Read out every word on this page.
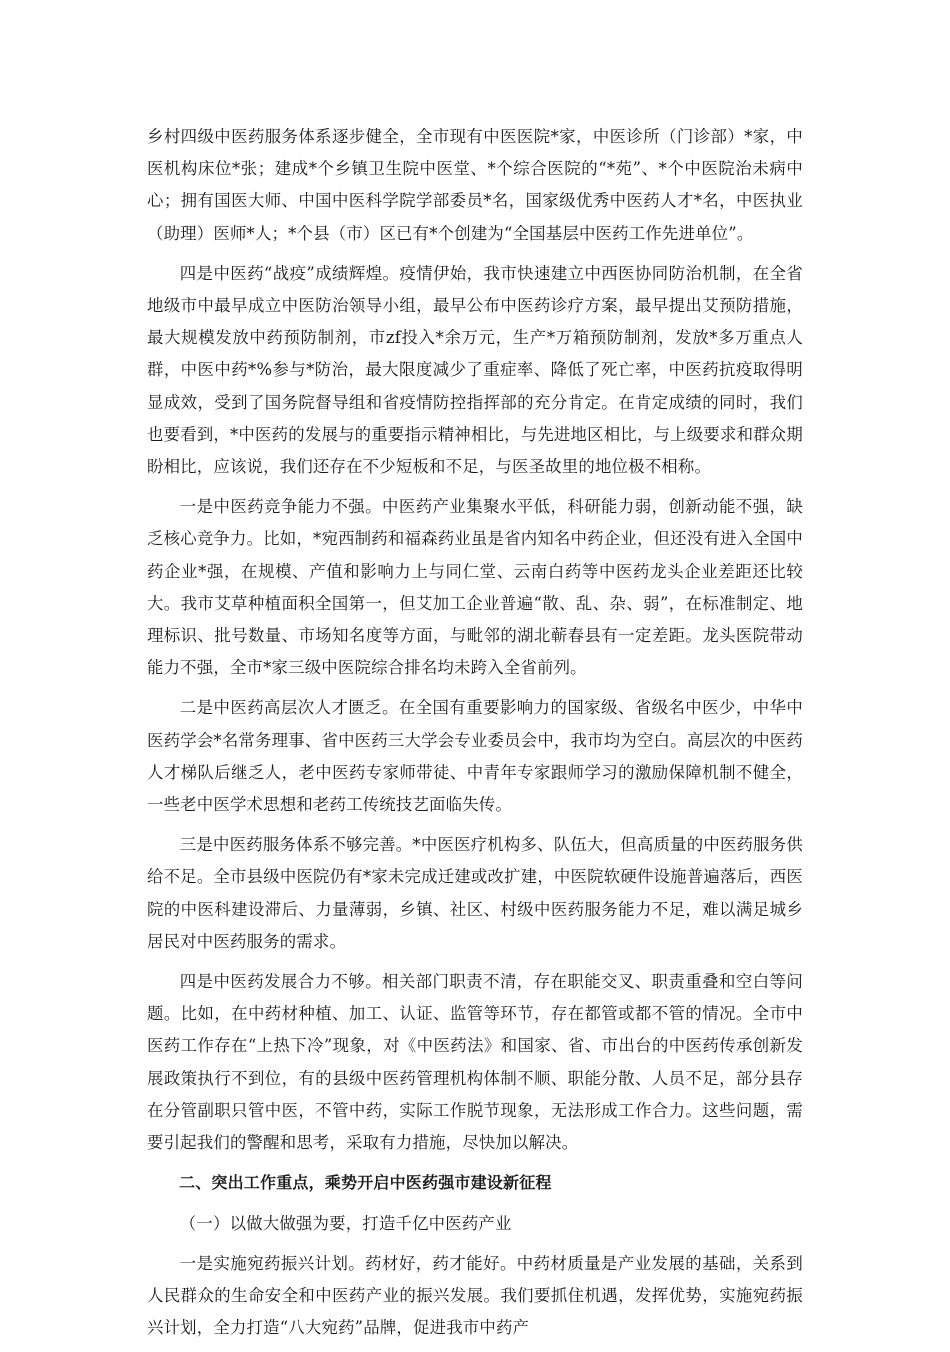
乡村四级中医药服务体系逐步健全，全市现有中医医院*家，中医诊所（门诊部）*家，中医机构床位*张；建成*个乡镇卫生院中医堂、*个综合医院的“*苑”、*个中医院治未病中心；拥有国医大师、中国中医科学院学部委员*名，国家级优秀中医药人才*名，中医执业（助理）医师*人；*个县（市）区已有*个创建为“全国基层中医药工作先进单位”。

四是中医药“战疫”成绩辉煌。疫情伊始，我市快速建立中西医协同防治机制，在全省地级市中最早成立中医防治领导小组，最早公布中医药诊疗方案，最早提出艾预防措施，最大规模发放中药预防制剂，市zf投入*余万元，生产*万箱预防制剂，发放*多万重点人群，中医中药*%参与*防治，最大限度减少了重症率、降低了死亡率，中医药抗疫取得明显成效，受到了国务院督导组和省疫情防控指挥部的充分肯定。在肯定成绩的同时，我们也要看到，*中医药的发展与的重要指示精神相比，与先进地区相比，与上级要求和群众期盼相比，应该说，我们还存在不少短板和不足，与医圣故里的地位极不相称。

一是中医药竞争能力不强。中医药产业集聚水平低，科研能力弱，创新动能不强，缺乏核心竞争力。比如，*宛西制药和福森药业虽是省内知名中药企业，但还没有进入全国中药企业*强，在规模、产值和影响力上与同仁堂、云南白药等中医药龙头企业差距还比较大。我市艾草种植面积全国第一，但艾加工企业普遍“散、乱、杂、弱”，在标准制定、地理标识、批号数量、市场知名度等方面，与毗邻的湖北蕲春县有一定差距。龙头医院带动能力不强，全市*家三级中医院综合排名均未跨入全省前列。

二是中医药高层次人才匮乏。在全国有重要影响力的国家级、省级名中医少，中华中医药学会*名常务理事、省中医药三大学会专业委员会中，我市均为空白。高层次的中医药人才梯队后继乏人，老中医药专家师带徒、中青年专家跟师学习的激励保障机制不健全，一些老中医学术思想和老药工传统技艺面临失传。

三是中医药服务体系不够完善。*中医医疗机构多、队伍大，但高质量的中医药服务供给不足。全市县级中医院仍有*家未完成迁建或改扩建，中医院软硬件设施普遍落后，西医院的中医科建设滞后、力量薄弱，乡镇、社区、村级中医药服务能力不足，难以满足城乡居民对中医药服务的需求。

四是中医药发展合力不够。相关部门职责不清，存在职能交叉、职责重叠和空白等问题。比如，在中药材种植、加工、认证、监管等环节，存在都管或都不管的情况。全市中医药工作存在“上热下冷”现象，对《中医药法》和国家、省、市出台的中医药传承创新发展政策执行不到位，有的县级中医药管理机构体制不顺、职能分散、人员不足，部分县存在分管副职只管中医，不管中药，实际工作脱节现象，无法形成工作合力。这些问题，需要引起我们的警醒和思考，采取有力措施，尽快加以解决。

二、突出工作重点，乘势开启中医药强市建设新征程

（一）以做大做强为要，打造千亿中医药产业

一是实施宛药振兴计划。药材好，药才能好。中药材质量是产业发展的基础，关系到人民群众的生命安全和中医药产业的振兴发展。我们要抓住机遇，发挥优势，实施宛药振兴计划，全力打造“八大宛药”品牌，促进我市中药产
